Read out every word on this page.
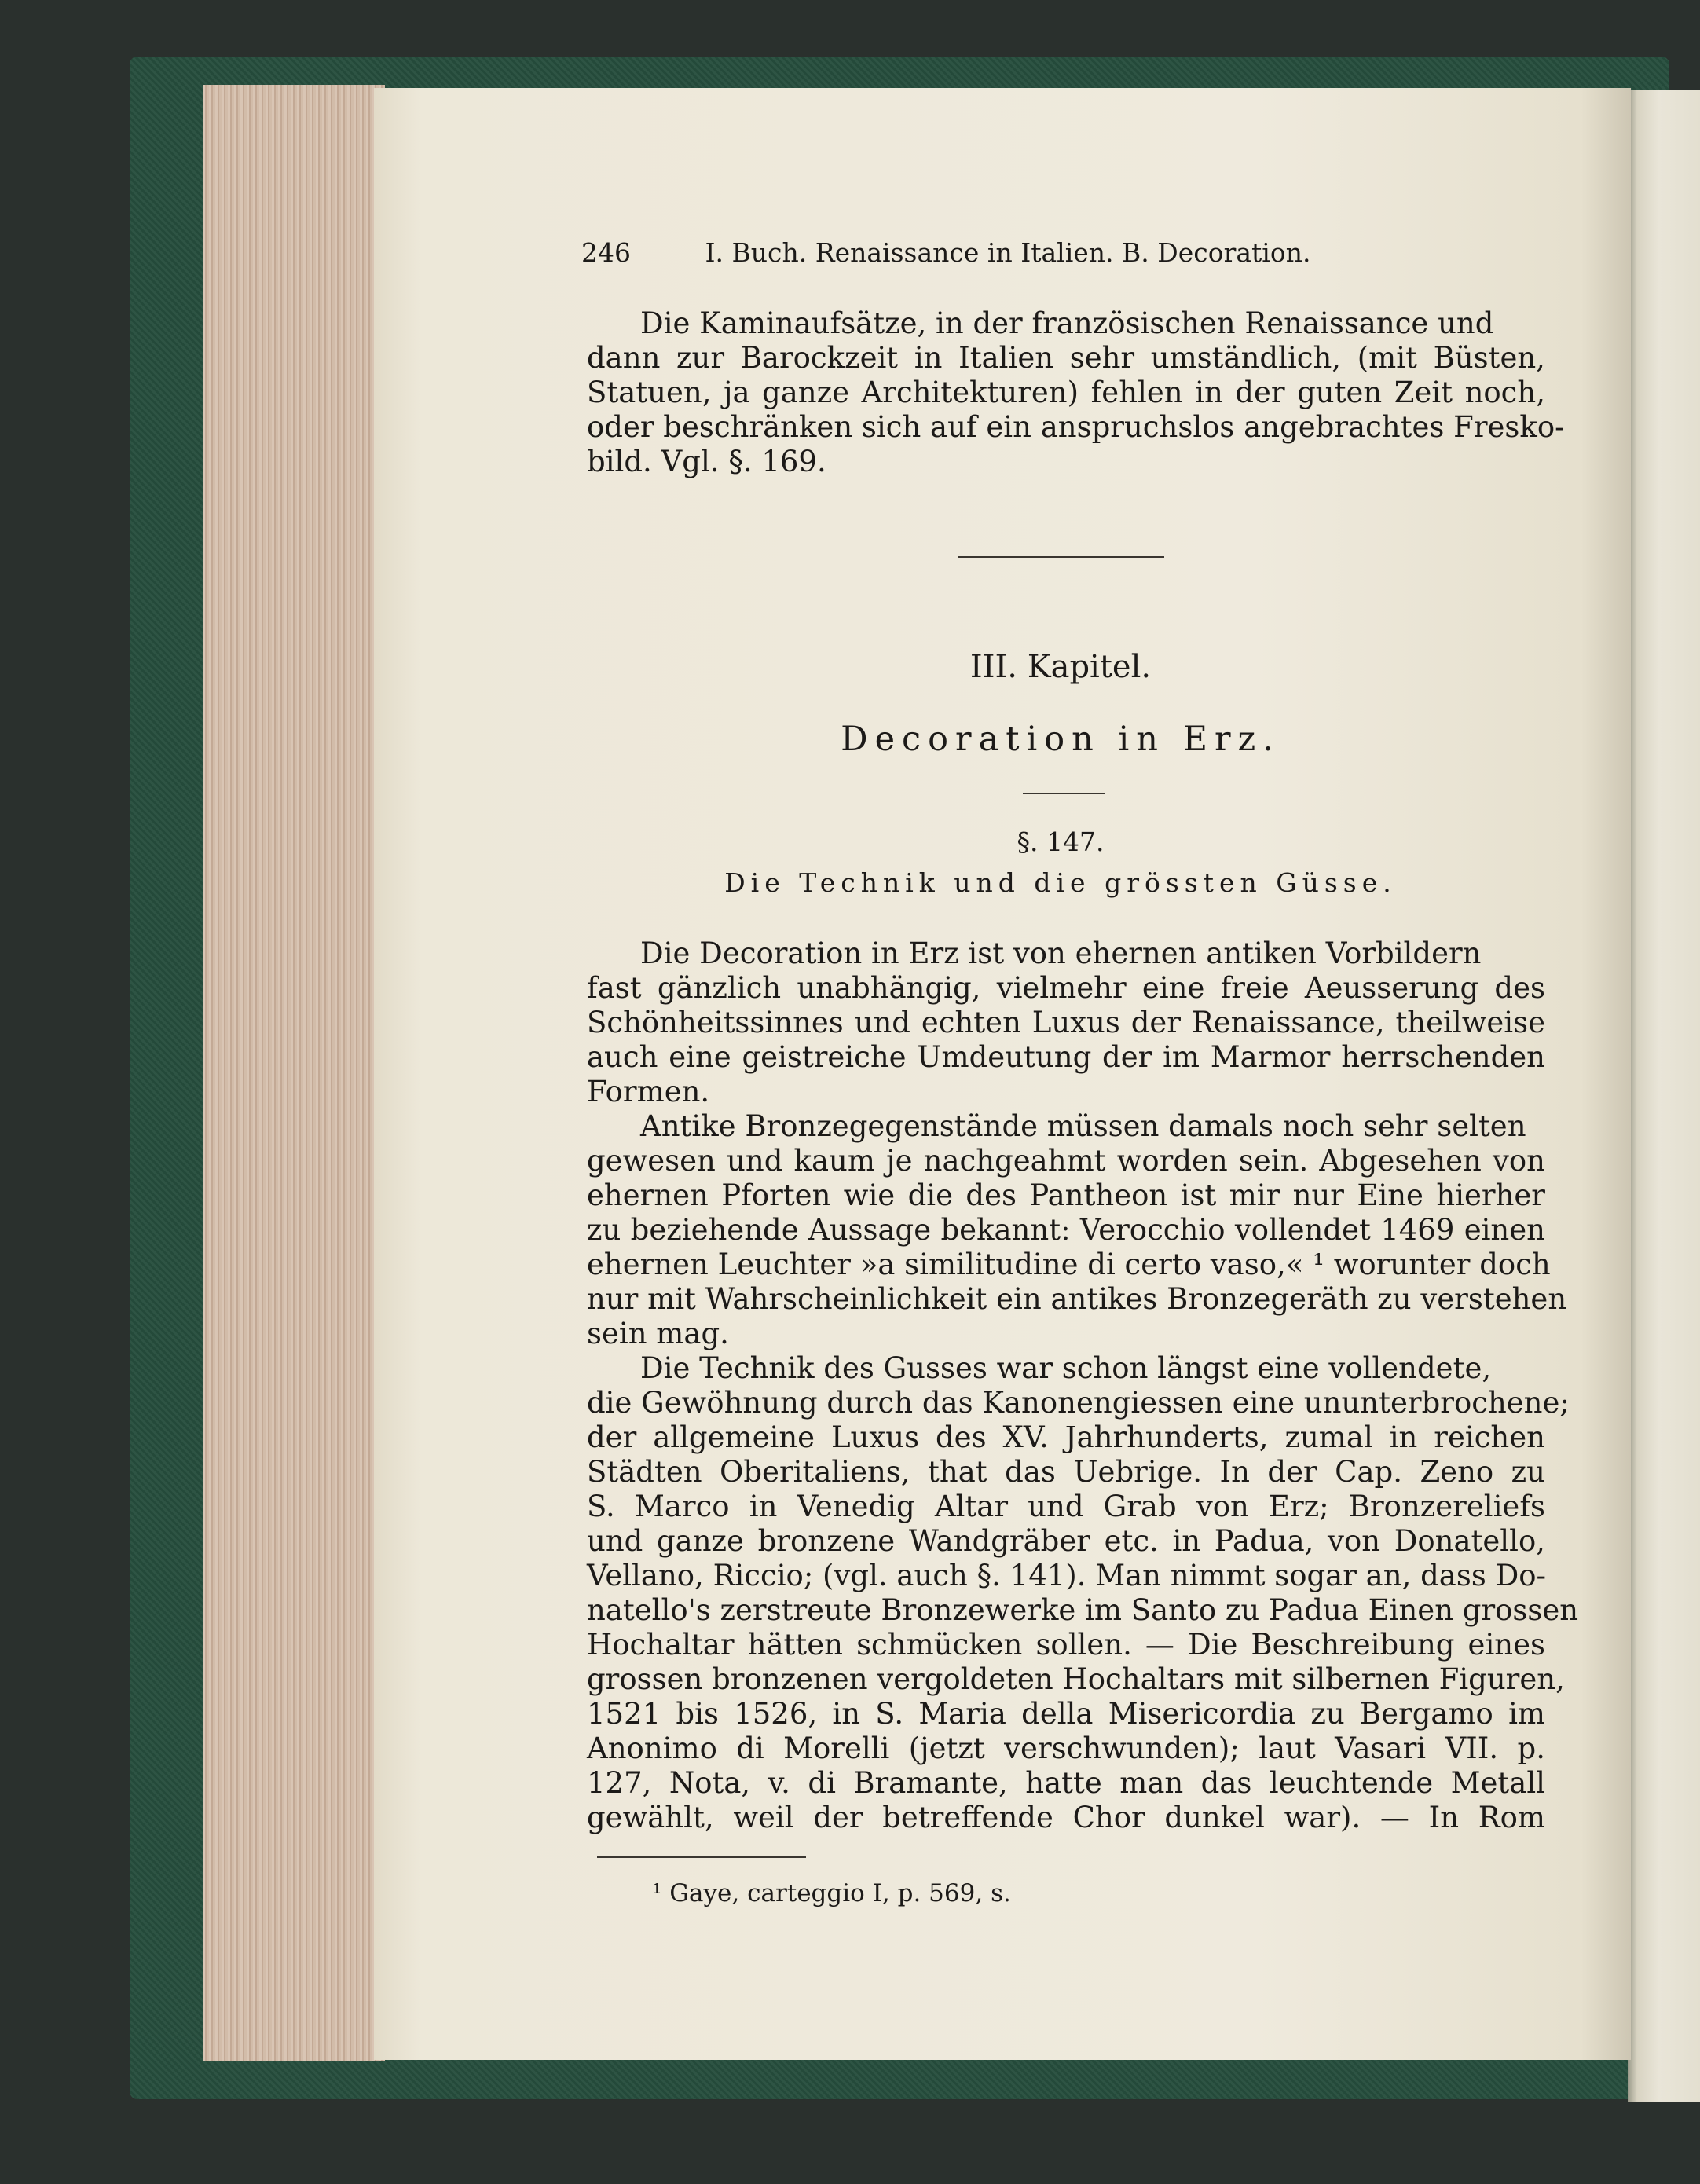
246	I. Buch. Renaissance in Italien. B. Decoration.
Die Kaminaufsätze, in der französischen Renaissance und
dann zur Barockzeit in Italien sehr umständlich, (mit Büsten,
Statuen, ja ganze Architekturen) fehlen in der guten Zeit noch,
oder beschränken sich auf ein anspruchslos angebrachtes Fresko-
bild. Vgl. §. 169.
III. Kapitel.
Decoration in Erz.
§. 147.
Die Technik und die grössten Güsse.
Die Decoration in Erz ist von ehernen antiken Vorbildern
fast gänzlich unabhängig, vielmehr eine freie Aeusserung des
Schönheitssinnes und echten Luxus der Renaissance, theilweise
auch eine geistreiche Umdeutung der im Marmor herrschenden
Formen.
Antike Bronzegegenstände müssen damals noch sehr selten
gewesen und kaum je nachgeahmt worden sein. Abgesehen von
ehernen Pforten wie die des Pantheon ist mir nur Eine hierher
zu beziehende Aussage bekannt: Verocchio vollendet 1469 einen
ehernen Leuchter »a similitudine di certo vaso,« ¹ worunter doch
nur mit Wahrscheinlichkeit ein antikes Bronzegeräth zu verstehen
sein mag.
Die Technik des Gusses war schon längst eine vollendete,
die Gewöhnung durch das Kanonengiessen eine ununterbrochene;
der allgemeine Luxus des XV. Jahrhunderts, zumal in reichen
Städten Oberitaliens, that das Uebrige. In der Cap. Zeno zu
S. Marco in Venedig Altar und Grab von Erz; Bronzereliefs
und ganze bronzene Wandgräber etc. in Padua, von Donatello,
Vellano, Riccio; (vgl. auch §. 141). Man nimmt sogar an, dass Do-
natello's zerstreute Bronzewerke im Santo zu Padua Einen grossen
Hochaltar hätten schmücken sollen. — Die Beschreibung eines
grossen bronzenen vergoldeten Hochaltars mit silbernen Figuren,
1521 bis 1526, in S. Maria della Misericordia zu Bergamo im
Anonimo di Morelli (jetzt verschwunden); laut Vasari VII. p.
127, Nota, v. di Bramante, hatte man das leuchtende Metall
gewählt, weil der betreffende Chor dunkel war). — In Rom
¹ Gaye, carteggio I, p. 569, s.
